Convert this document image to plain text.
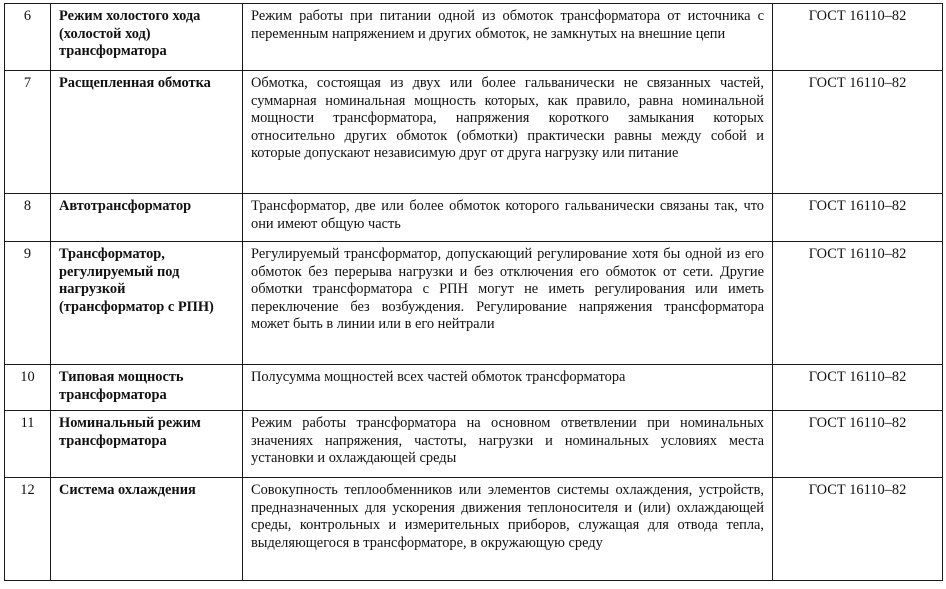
6	Режим холостого хода (холостой ход) трансформатора	Режим работы при питании одной из обмоток трансформатора от источника с переменным напряжением и других обмоток, не замкнутых на внешние цепи	ГОСТ 16110–82
7	Расщепленная обмотка	Обмотка, состоящая из двух или более гальванически не связанных частей, суммарная номинальная мощность которых, как правило, равна номинальной мощности трансформатора, напряжения короткого замыкания которых относительно других обмоток (обмотки) практически равны между собой и которые допускают независимую друг от друга нагрузку или питание	ГОСТ 16110–82
8	Автотрансформатор	Трансформатор, две или более обмоток которого гальванически связаны так, что они имеют общую часть	ГОСТ 16110–82
9	Трансформатор, регулируемый под нагрузкой (трансформатор с РПН)	Регулируемый трансформатор, допускающий регулирование хотя бы одной из его обмоток без перерыва нагрузки и без отключения его обмоток от сети. Другие обмотки трансформатора с РПН могут не иметь регулирования или иметь переключение без возбуждения. Регулирование напряжения трансформатора может быть в линии или в его нейтрали	ГОСТ 16110–82
10	Типовая мощность трансформатора	Полусумма мощностей всех частей обмоток трансформатора	ГОСТ 16110–82
11	Номинальный режим трансформатора	Режим работы трансформатора на основном ответвлении при номинальных значениях напряжения, частоты, нагрузки и номинальных условиях места установки и охлаждающей среды	ГОСТ 16110–82
12	Система охлаждения	Совокупность теплообменников или элементов системы охлаждения, устройств, предназначенных для ускорения движения теплоносителя и (или) охлаждающей среды, контрольных и измерительных приборов, служащая для отвода тепла, выделяющегося в трансформаторе, в окружающую среду	ГОСТ 16110–82
